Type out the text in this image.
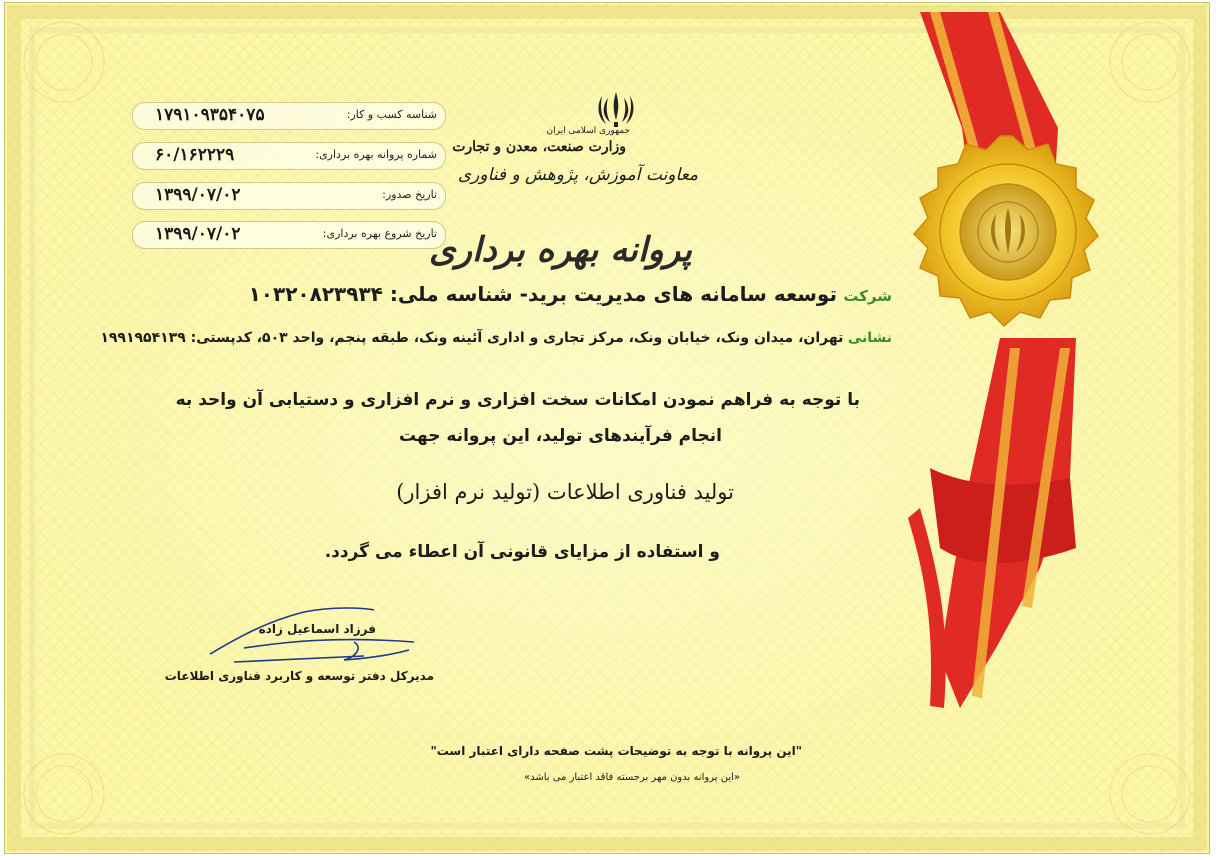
جمهوری اسلامی ایران
وزارت صنعت، معدن و تجارت
معاونت آموزش، پژوهش و فناوری
شناسه کسب و کار:
۱۷۹۱۰۹۳۵۴۰۷۵
شماره پروانه بهره برداری:
۶۰/۱۶۲۲۲۹
تاریخ صدور:
۱۳۹۹/۰۷/۰۲
تاریخ شروع بهره برداری:
۱۳۹۹/۰۷/۰۲	پروانه بهره برداری
شرکت توسعه سامانه های مدیریت برید- شناسه ملی: ۱۰۳۲۰۸۲۳۹۳۴
نشانی تهران، میدان ونک، خیابان ونک، مرکز تجاری و اداری آئینه ونک، طبقه پنجم، واحد ۵۰۳، کدپستی: ۱۹۹۱۹۵۴۱۳۹
با توجه به فراهم نمودن امکانات سخت افزاری و نرم افزاری و دستیابی آن واحد به
انجام فرآیندهای تولید، این پروانه جهت
تولید فناوری اطلاعات (تولید نرم افزار)
و استفاده از مزایای قانونی آن اعطاء می گردد.
فرزاد اسماعیل زاده
مدیرکل دفتر توسعه و کاربرد فناوری اطلاعات
"این پروانه با توجه به توضیحات پشت صفحه دارای اعتبار است"
«این پروانه بدون مهر برجسته فاقد اعتبار می باشد»
